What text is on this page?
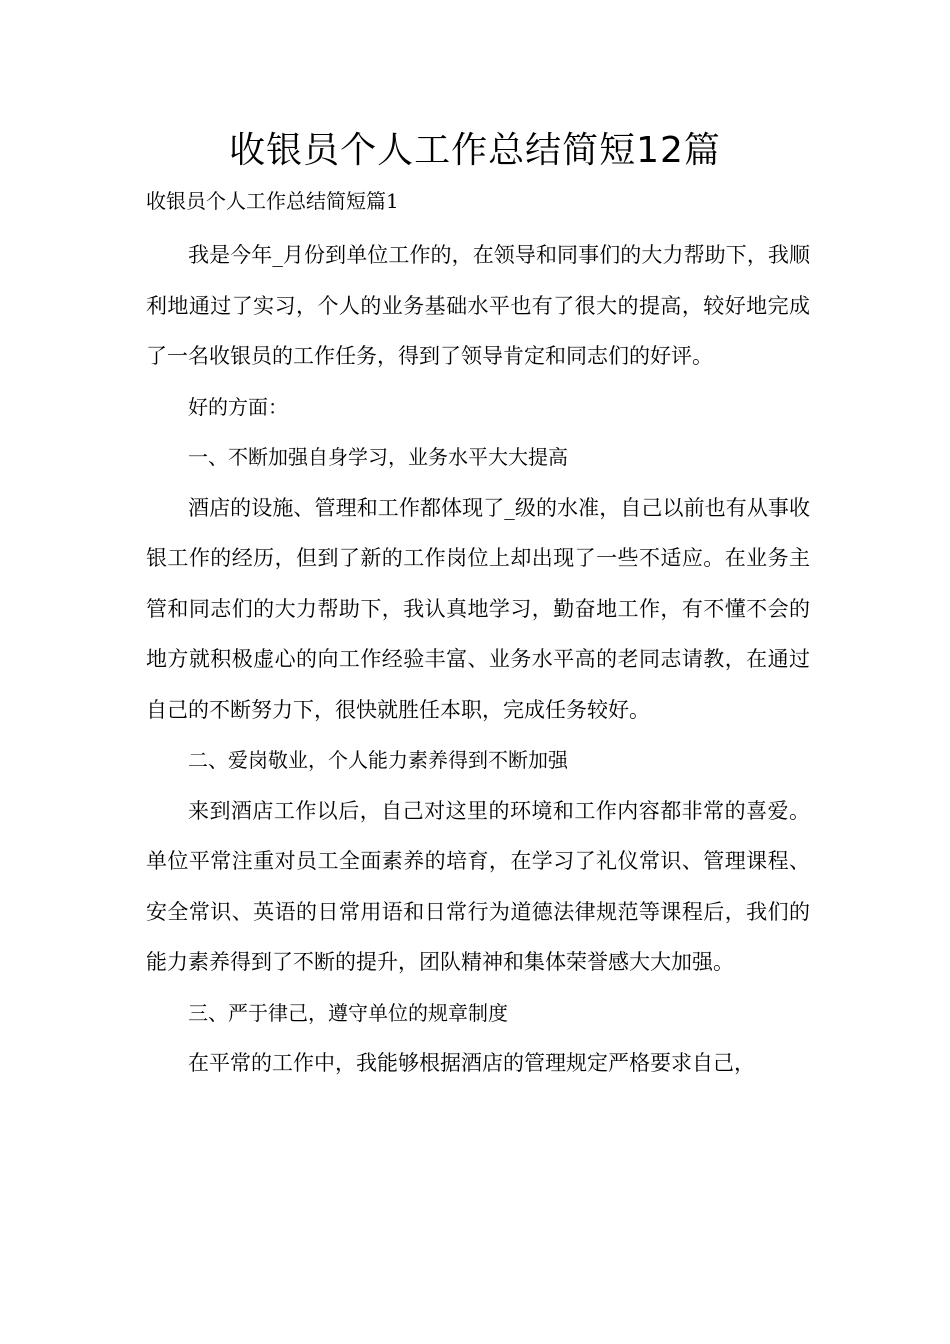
收银员个人工作总结简短12篇

收银员个人工作总结简短篇1

我是今年_月份到单位工作的，在领导和同事们的大力帮助下，我顺利地通过了实习，个人的业务基础水平也有了很大的提高，较好地完成了一名收银员的工作任务，得到了领导肯定和同志们的好评。

好的方面：

一、不断加强自身学习，业务水平大大提高

酒店的设施、管理和工作都体现了_级的水准，自己以前也有从事收银工作的经历，但到了新的工作岗位上却出现了一些不适应。在业务主管和同志们的大力帮助下，我认真地学习，勤奋地工作，有不懂不会的地方就积极虚心的向工作经验丰富、业务水平高的老同志请教，在通过自己的不断努力下，很快就胜任本职，完成任务较好。

二、爱岗敬业，个人能力素养得到不断加强

来到酒店工作以后，自己对这里的环境和工作内容都非常的喜爱。单位平常注重对员工全面素养的培育，在学习了礼仪常识、管理课程、安全常识、英语的日常用语和日常行为道德法律规范等课程后，我们的能力素养得到了不断的提升，团队精神和集体荣誉感大大加强。

三、严于律己，遵守单位的规章制度

在平常的工作中，我能够根据酒店的管理规定严格要求自己，
